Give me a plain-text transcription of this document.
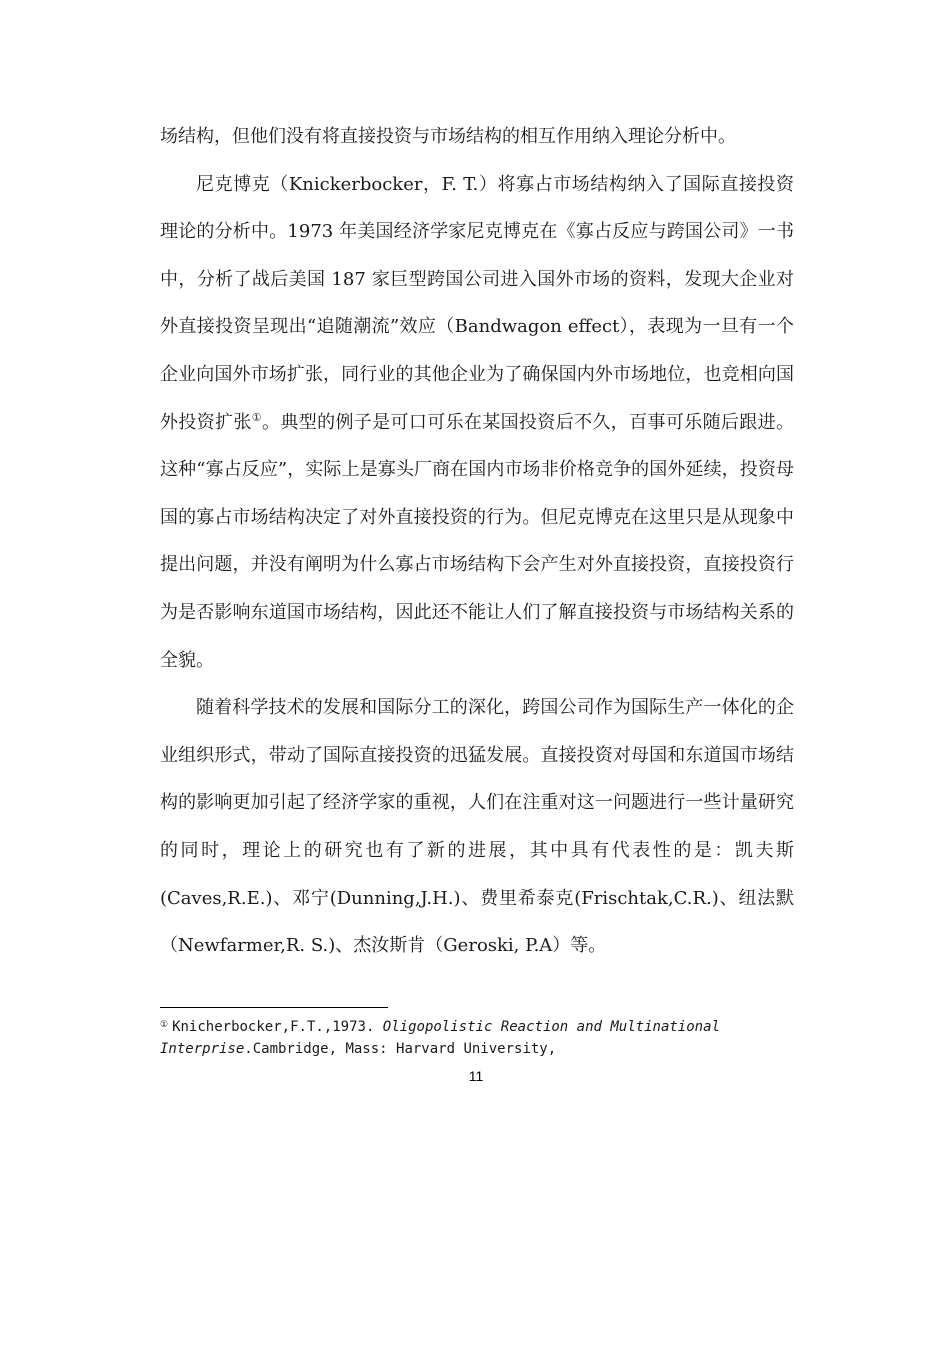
场结构，但他们没有将直接投资与市场结构的相互作用纳入理论分析中。

尼克博克（Knickerbocker，F. T.）将寡占市场结构纳入了国际直接投资理论的分析中。1973 年美国经济学家尼克博克在《寡占反应与跨国公司》一书中，分析了战后美国 187 家巨型跨国公司进入国外市场的资料，发现大企业对外直接投资呈现出“追随潮流”效应（Bandwagon effect），表现为一旦有一个企业向国外市场扩张，同行业的其他企业为了确保国内外市场地位，也竞相向国外投资扩张①。典型的例子是可口可乐在某国投资后不久，百事可乐随后跟进。这种“寡占反应”，实际上是寡头厂商在国内市场非价格竞争的国外延续，投资母国的寡占市场结构决定了对外直接投资的行为。但尼克博克在这里只是从现象中提出问题，并没有阐明为什么寡占市场结构下会产生对外直接投资，直接投资行为是否影响东道国市场结构，因此还不能让人们了解直接投资与市场结构关系的全貌。

随着科学技术的发展和国际分工的深化，跨国公司作为国际生产一体化的企业组织形式，带动了国际直接投资的迅猛发展。直接投资对母国和东道国市场结构的影响更加引起了经济学家的重视，人们在注重对这一问题进行一些计量研究的同时，理论上的研究也有了新的进展，其中具有代表性的是：凯夫斯(Caves,R.E.)、邓宁(Dunning,J.H.)、费里希泰克(Frischtak,C.R.)、纽法默（Newfarmer,R. S.)、杰汝斯肯（Geroski, P.A）等。

① Knicherbocker,F.T.,1973. Oligopolistic Reaction and Multinational Interprise.Cambridge, Mass: Harvard University,
11
